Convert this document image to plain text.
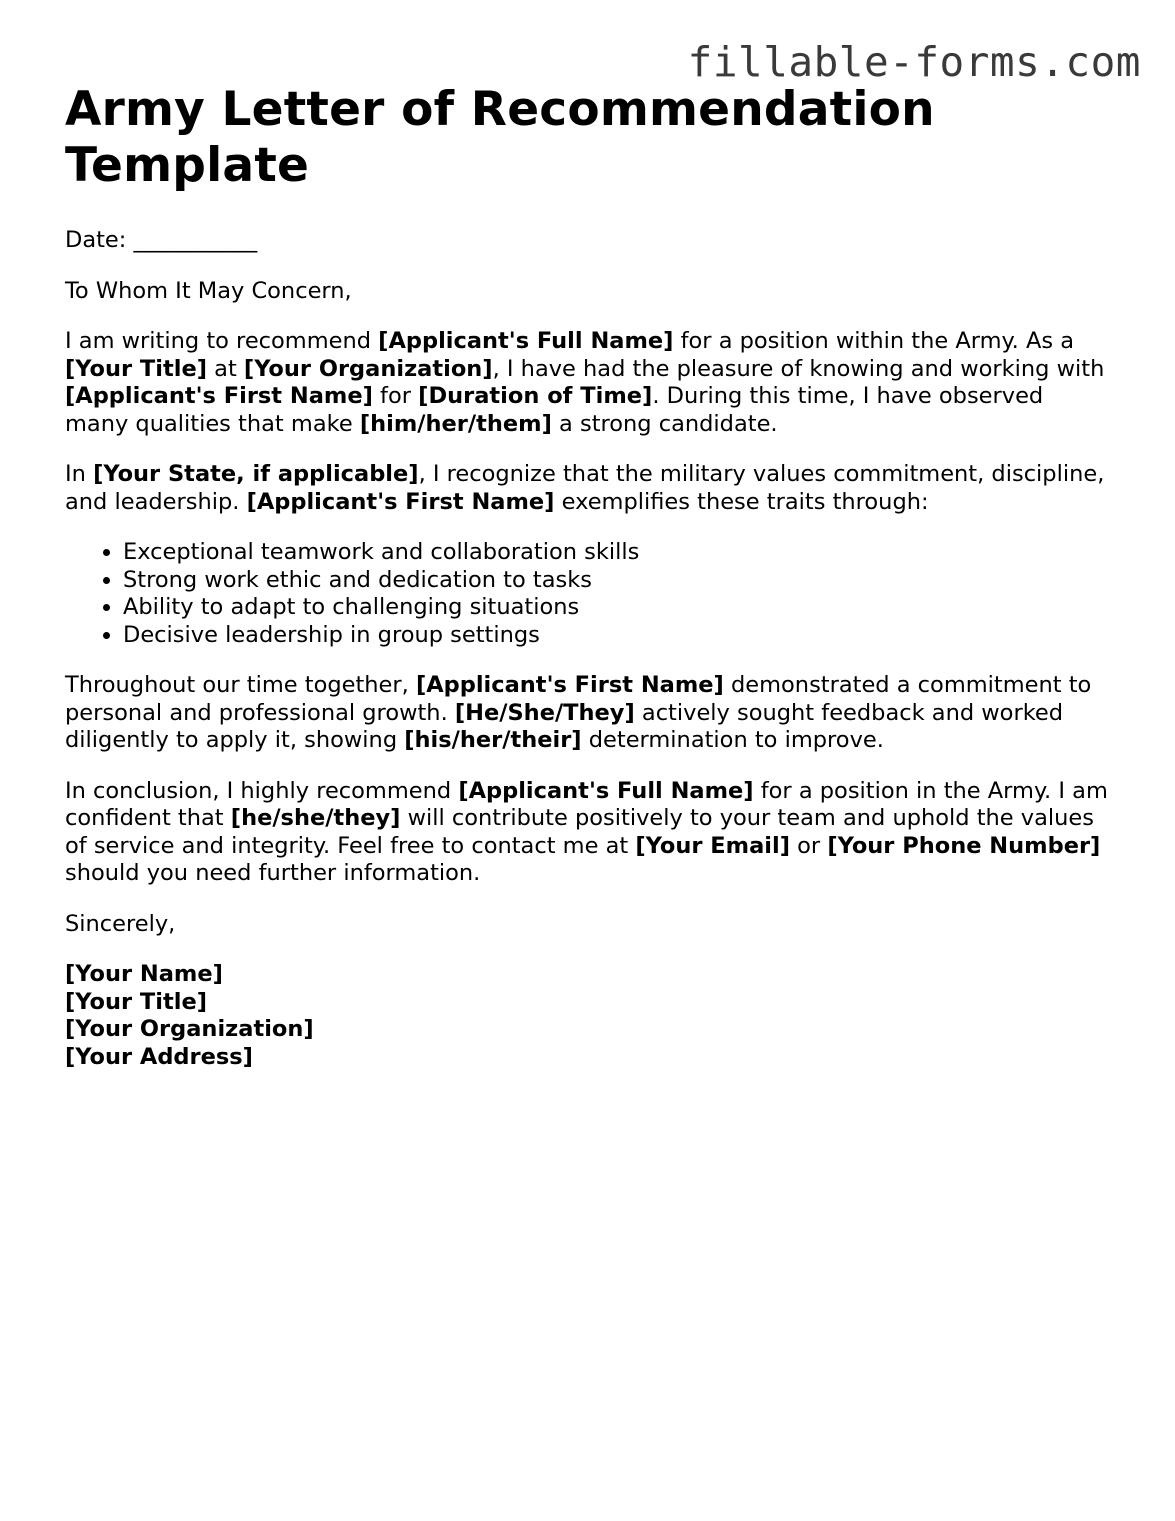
fillable-forms.com
Army Letter of Recommendation Template

Date: ___________

To Whom It May Concern,

I am writing to recommend [Applicant's Full Name] for a position within the Army. As a [Your Title] at [Your Organization], I have had the pleasure of knowing and working with [Applicant's First Name] for [Duration of Time]. During this time, I have observed many qualities that make [him/her/them] a strong candidate.

In [Your State, if applicable], I recognize that the military values commitment, discipline, and leadership. [Applicant's First Name] exemplifies these traits through:

• Exceptional teamwork and collaboration skills
• Strong work ethic and dedication to tasks
• Ability to adapt to challenging situations
• Decisive leadership in group settings

Throughout our time together, [Applicant's First Name] demonstrated a commitment to personal and professional growth. [He/She/They] actively sought feedback and worked diligently to apply it, showing [his/her/their] determination to improve.

In conclusion, I highly recommend [Applicant's Full Name] for a position in the Army. I am confident that [he/she/they] will contribute positively to your team and uphold the values of service and integrity. Feel free to contact me at [Your Email] or [Your Phone Number] should you need further information.

Sincerely,

[Your Name]
[Your Title]
[Your Organization]
[Your Address]
